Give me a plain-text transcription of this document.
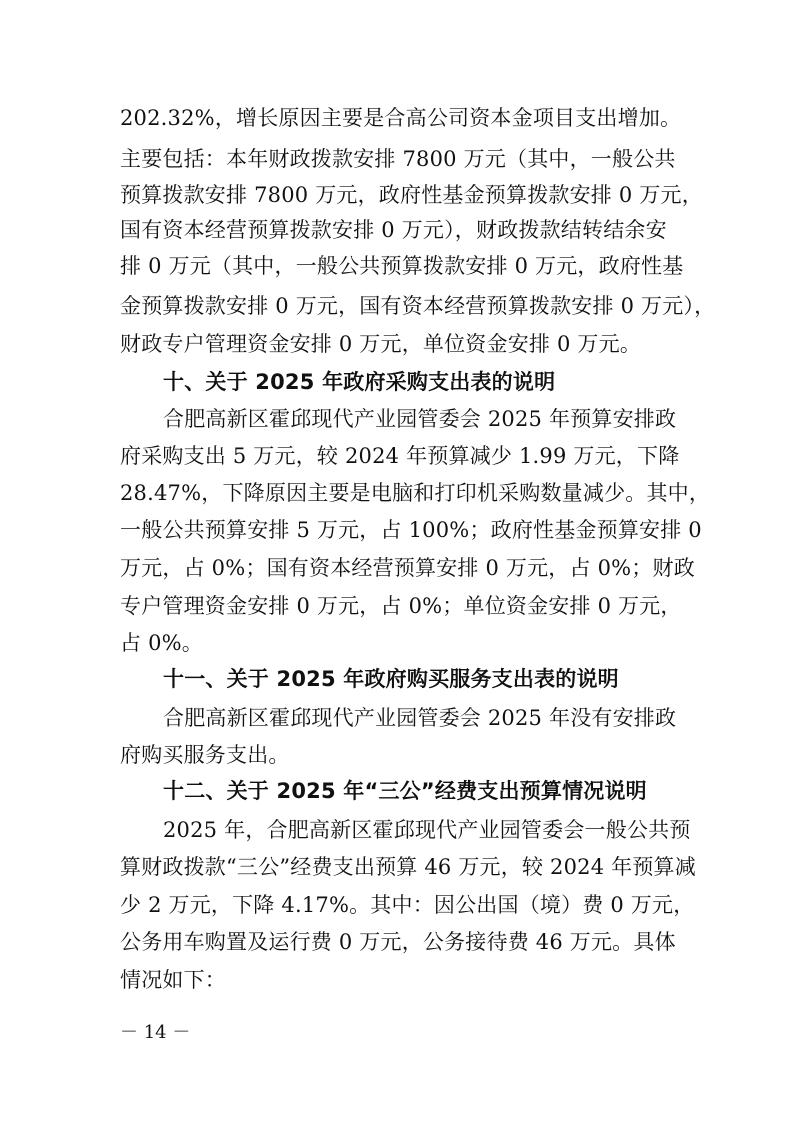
202.32%，增长原因主要是合高公司资本金项目支出增加。
主要包括：本年财政拨款安排 7800 万元（其中，一般公共
预算拨款安排 7800 万元，政府性基金预算拨款安排 0 万元，
国有资本经营预算拨款安排 0 万元），财政拨款结转结余安
排 0 万元（其中，一般公共预算拨款安排 0 万元，政府性基
金预算拨款安排 0 万元，国有资本经营预算拨款安排 0 万元），
财政专户管理资金安排 0 万元，单位资金安排 0 万元。
十、关于 2025 年政府采购支出表的说明
合肥高新区霍邱现代产业园管委会 2025 年预算安排政
府采购支出 5 万元，较 2024 年预算减少 1.99 万元，下降
28.47%，下降原因主要是电脑和打印机采购数量减少。其中，
一般公共预算安排 5 万元，占 100%；政府性基金预算安排 0
万元，占 0%；国有资本经营预算安排 0 万元，占 0%；财政
专户管理资金安排 0 万元，占 0%；单位资金安排 0 万元，
占 0%。
十一、关于 2025 年政府购买服务支出表的说明
合肥高新区霍邱现代产业园管委会 2025 年没有安排政
府购买服务支出。
十二、关于 2025 年“三公”经费支出预算情况说明
2025 年，合肥高新区霍邱现代产业园管委会一般公共预
算财政拨款“三公”经费支出预算 46 万元，较 2024 年预算减
少 2 万元，下降 4.17%。其中：因公出国（境）费 0 万元，
公务用车购置及运行费 0 万元，公务接待费 46 万元。具体
情况如下：
－ 14 －
